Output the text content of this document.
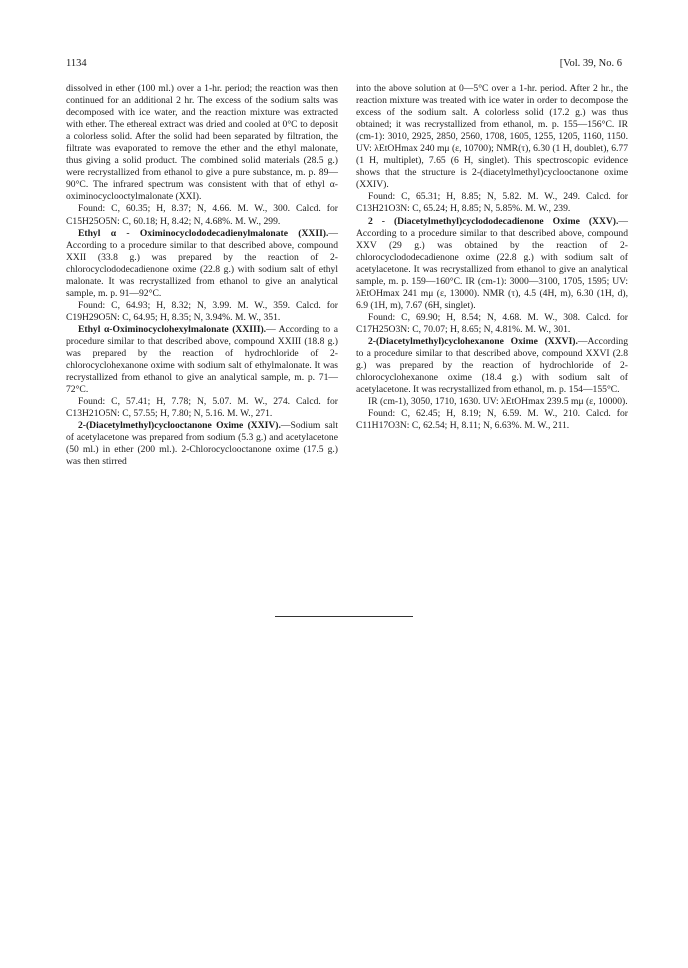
1134	[Vol. 39, No. 6

dissolved in ether (100 ml.) over a 1-hr. period; the reaction was then continued for an additional 2 hr. The excess of the sodium salts was decomposed with ice water, and the reaction mixture was extracted with ether. The ethereal extract was dried and cooled at 0°C to deposit a colorless solid. After the solid had been separated by filtration, the filtrate was evaporated to remove the ether and the ethyl malonate, thus giving a solid product. The combined solid materials (28.5 g.) were recrystallized from ethanol to give a pure substance, m. p. 89—90°C. The infrared spectrum was consistent with that of ethyl α-oximinocyclooctylmalonate (XXI).

Found: C, 60.35; H, 8.37; N, 4.66. M. W., 300. Calcd. for C15H25O5N: C, 60.18; H, 8.42; N, 4.68%. M. W., 299.

Ethyl α - Oximinocyclododecadienylmalonate (XXII).—According to a procedure similar to that described above, compound XXII (33.8 g.) was prepared by the reaction of 2-chlorocyclododecadienone oxime (22.8 g.) with sodium salt of ethyl malonate. It was recrystallized from ethanol to give an analytical sample, m. p. 91—92°C.

Found: C, 64.93; H, 8.32; N, 3.99. M. W., 359. Calcd. for C19H29O5N: C, 64.95; H, 8.35; N, 3.94%. M. W., 351.

Ethyl α-Oximinocyclohexylmalonate (XXIII).— According to a procedure similar to that described above, compound XXIII (18.8 g.) was prepared by the reaction of hydrochloride of 2-chlorocyclohexanone oxime with sodium salt of ethylmalonate. It was recrystallized from ethanol to give an analytical sample, m. p. 71—72°C.

Found: C, 57.41; H, 7.78; N, 5.07. M. W., 274. Calcd. for C13H21O5N: C, 57.55; H, 7.80; N, 5.16. M. W., 271.

2-(Diacetylmethyl)cyclooctanone Oxime (XXIV).—Sodium salt of acetylacetone was prepared from sodium (5.3 g.) and acetylacetone (50 ml.) in ether (200 ml.). 2-Chlorocyclooctanone oxime (17.5 g.) was then stirred

into the above solution at 0—5°C over a 1-hr. period. After 2 hr., the reaction mixture was treated with ice water in order to decompose the excess of the sodium salt. A colorless solid (17.2 g.) was thus obtained; it was recrystallized from ethanol, m. p. 155—156°C. IR (cm-1): 3010, 2925, 2850, 2560, 1708, 1605, 1255, 1205, 1160, 1150. UV: λEtOHmax 240 mμ (ε, 10700); NMR(τ), 6.30 (1 H, doublet), 6.77 (1 H, multiplet), 7.65 (6 H, singlet). This spectroscopic evidence shows that the structure is 2-(diacetylmethyl)cyclooctanone oxime (XXIV).

Found: C, 65.31; H, 8.85; N, 5.82. M. W., 249. Calcd. for C13H21O3N: C, 65.24; H, 8.85; N, 5.85%. M. W., 239.

2 - (Diacetylmethyl)cyclododecadienone Oxime (XXV).—According to a procedure similar to that described above, compound XXV (29 g.) was obtained by the reaction of 2-chlorocyclododecadienone oxime (22.8 g.) with sodium salt of acetylacetone. It was recrystallized from ethanol to give an analytical sample, m. p. 159—160°C. IR (cm-1): 3000—3100, 1705, 1595; UV: λEtOHmax 241 mμ (ε, 13000). NMR (τ), 4.5 (4H, m), 6.30 (1H, d), 6.9 (1H, m), 7.67 (6H, singlet).

Found: C, 69.90; H, 8.54; N, 4.68. M. W., 308. Calcd. for C17H25O3N: C, 70.07; H, 8.65; N, 4.81%. M. W., 301.

2-(Diacetylmethyl)cyclohexanone Oxime (XXVI).—According to a procedure similar to that described above, compound XXVI (2.8 g.) was prepared by the reaction of hydrochloride of 2-chlorocyclohexanone oxime (18.4 g.) with sodium salt of acetylacetone. It was recrystallized from ethanol, m. p. 154—155°C.

IR (cm-1), 3050, 1710, 1630. UV: λEtOHmax 239.5 mμ (ε, 10000).

Found: C, 62.45; H, 8.19; N, 6.59. M. W., 210. Calcd. for C11H17O3N: C, 62.54; H, 8.11; N, 6.63%. M. W., 211.
